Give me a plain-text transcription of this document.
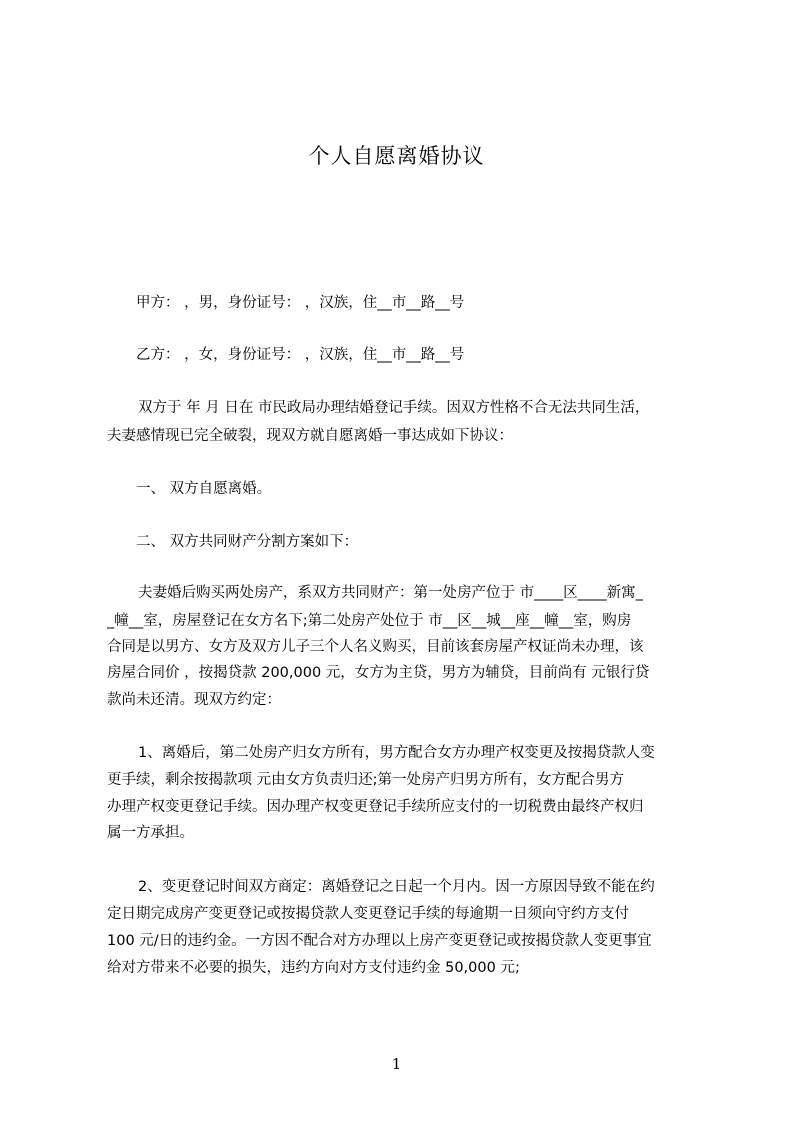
个人自愿离婚协议
甲方： ，男，身份证号： ，汉族，住__市__路__号
乙方： ，女，身份证号： ，汉族，住__市__路__号
双方于 年 月 日在 市民政局办理结婚登记手续。因双方性格不合无法共同生活，
夫妻感情现已完全破裂，现双方就自愿离婚一事达成如下协议：
一、 双方自愿离婚。
二、 双方共同财产分割方案如下：
夫妻婚后购买两处房产，系双方共同财产：第一处房产位于 市____区____新寓_
_幢__室，房屋登记在女方名下;第二处房产处位于 市__区__城__座__幢__室，购房
合同是以男方、女方及双方儿子三个人名义购买，目前该套房屋产权证尚未办理，该
房屋合同价 ，按揭贷款 200,000 元，女方为主贷，男方为辅贷，目前尚有 元银行贷
款尚未还清。现双方约定：
1、离婚后，第二处房产归女方所有，男方配合女方办理产权变更及按揭贷款人变
更手续，剩余按揭款项 元由女方负责归还;第一处房产归男方所有，女方配合男方
办理产权变更登记手续。因办理产权变更登记手续所应支付的一切税费由最终产权归
属一方承担。
2、变更登记时间双方商定：离婚登记之日起一个月内。因一方原因导致不能在约
定日期完成房产变更登记或按揭贷款人变更登记手续的每逾期一日须向守约方支付
100 元/日的违约金。一方因不配合对方办理以上房产变更登记或按揭贷款人变更事宜
给对方带来不必要的损失，违约方向对方支付违约金 50,000 元;
1
